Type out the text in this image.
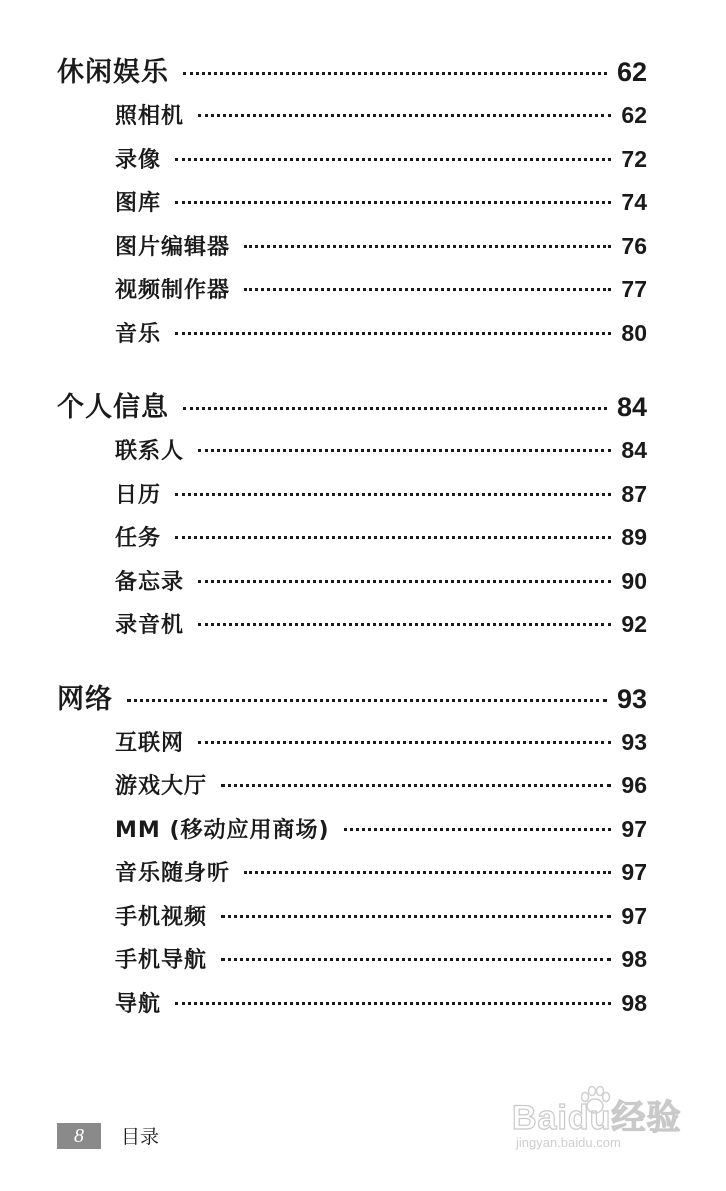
休闲娱乐	62
照相机	62
录像	72
图库	74
图片编辑器	76
视频制作器	77
音乐	80
个人信息	84
联系人	84
日历	87
任务	89
备忘录	90
录音机	92
网络	93
互联网	93
游戏大厅	96
MM (移动应用商场)	97
音乐随身听	97
手机视频	97
手机导航	98
导航	98
8	目录	Baidu经验
jingyan.baidu.com
